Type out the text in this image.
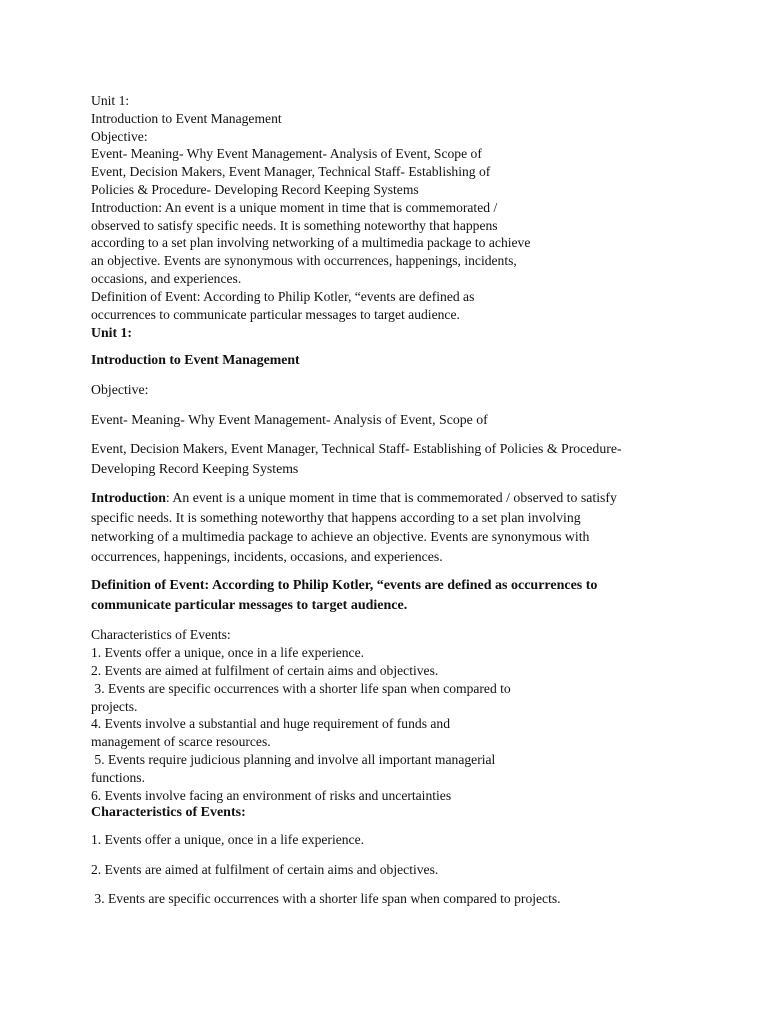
Unit 1:

Introduction to Event Management

Objective:

Event- Meaning- Why Event Management- Analysis of Event, Scope of

Event, Decision Makers, Event Manager, Technical Staff- Establishing of

Policies & Procedure- Developing Record Keeping Systems

Introduction: An event is a unique moment in time that is commemorated /

observed to satisfy specific needs. It is something noteworthy that happens

according to a set plan involving networking of a multimedia package to achieve

an objective. Events are synonymous with occurrences, happenings, incidents,

occasions, and experiences.

Definition of Event: According to Philip Kotler, “events are defined as

occurrences to communicate particular messages to target audience.

Unit 1:
Introduction to Event Management
Objective:
Event- Meaning- Why Event Management- Analysis of Event, Scope of
Event, Decision Makers, Event Manager, Technical Staff- Establishing of Policies & Procedure-
Developing Record Keeping Systems
Introduction: An event is a unique moment in time that is commemorated / observed to satisfy
specific needs. It is something noteworthy that happens according to a set plan involving
networking of a multimedia package to achieve an objective. Events are synonymous with
occurrences, happenings, incidents, occasions, and experiences.
Definition of Event: According to Philip Kotler, “events are defined as occurrences to
communicate particular messages to target audience.
Characteristics of Events:
1. Events offer a unique, once in a life experience.
2. Events are aimed at fulfilment of certain aims and objectives.
3. Events are specific occurrences with a shorter life span when compared to
projects.
4. Events involve a substantial and huge requirement of funds and
management of scarce resources.
5. Events require judicious planning and involve all important managerial
functions.
6. Events involve facing an environment of risks and uncertainties
Characteristics of Events:
1. Events offer a unique, once in a life experience.
2. Events are aimed at fulfilment of certain aims and objectives.
3. Events are specific occurrences with a shorter life span when compared to projects.
